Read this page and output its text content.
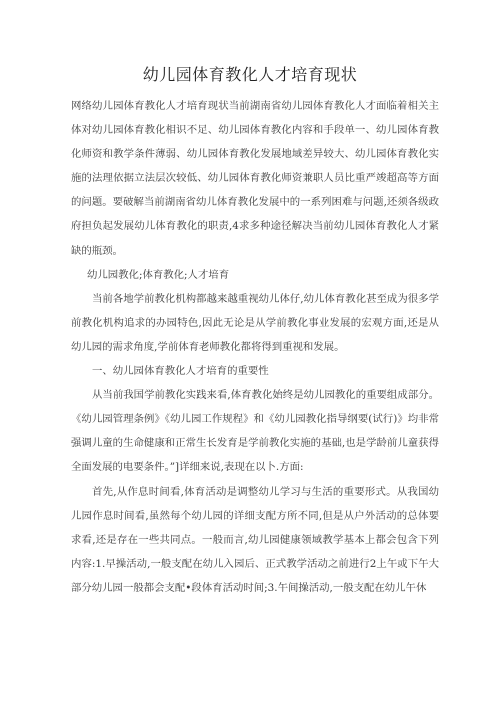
幼儿园体育教化人才培育现状

网络幼儿园体育教化人才培育现状当前湖南省幼儿园体育教化人才面临着相关主体对幼儿园体育教化相识不足、幼儿园体育教化内容和手段单一、幼儿园体育教化师资和教学条件薄弱、幼儿园体育教化发展地域差异较大、幼儿园体育教化实施的法理依据立法层次较低、幼儿园体育教化师资兼职人员比重严竣超高等方面的问题。要破解当前湖南省幼儿体育教化发展中的一系列困难与问题,还须各级政府担负起发展幼儿体育教化的职责,4求多种途径解决当前幼儿园体育教化人才紧缺的瓶颈。

幼儿园教化;体育教化;人才培育

当前各地学前教化机构都越来越重视幼儿体仔,幼儿体育教化甚至成为很多学前教化机构追求的办园特色,因此无论是从学前教化事业发展的宏观方面,还是从幼儿园的需求角度,学前体育老师教化都将得到重视和发展。

一、幼儿园体育教化人才培育的重要性

从当前我国学前教化实践来看,体育教化始终是幼儿园教化的重要组成部分。《幼儿园管理条例》《幼儿园工作规程》和《幼儿园教化指导纲要(试行)》均非常强调儿童的生命健康和正常生长发育是学前教化实施的基础,也是学龄前儿童获得全面发展的电要条件。”]详细来说,表现在以卜.方面:

首先,从作息时间看,体育活动是调整幼儿学习与生活的重要形式。从我国幼儿园作息时间看,虽然每个幼儿园的详细支配方所不同,但是从户外活动的总体要求看,还是存在一些共同点。一般而言,幼儿园健康领域教学基本上都会包含下列内容:1.早操活动,一般支配在幼儿入园后、正式教学活动之前进行2上午或下午大部分幼儿园一般都会支配•段体育活动时间;3.午间操活动,一般支配在幼儿午休
